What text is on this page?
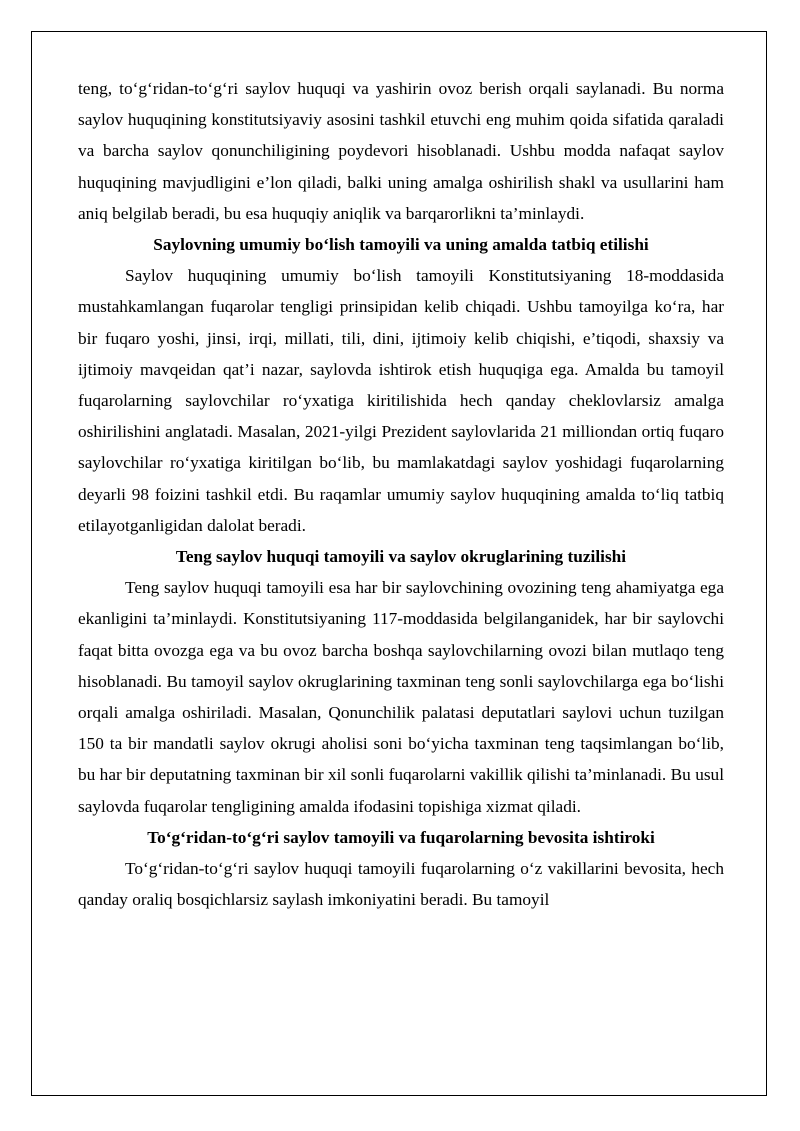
teng, to‘g‘ridan-to‘g‘ri saylov huquqi va yashirin ovoz berish orqali saylanadi. Bu norma saylov huquqining konstitutsiyaviy asosini tashkil etuvchi eng muhim qoida sifatida qaraladi va barcha saylov qonunchiligining poydevori hisoblanadi. Ushbu modda nafaqat saylov huquqining mavjudligini e’lon qiladi, balki uning amalga oshirilish shakl va usullarini ham aniq belgilab beradi, bu esa huquqiy aniqlik va barqarorlikni ta’minlaydi.

Saylovning umumiy bo‘lish tamoyili va uning amalda tatbiq etilishi

Saylov huquqining umumiy bo‘lish tamoyili Konstitutsiyaning 18-moddasida mustahkamlangan fuqarolar tengligi prinsipidan kelib chiqadi. Ushbu tamoyilga ko‘ra, har bir fuqaro yoshi, jinsi, irqi, millati, tili, dini, ijtimoiy kelib chiqishi, e’tiqodi, shaxsiy va ijtimoiy mavqeidan qat’i nazar, saylovda ishtirok etish huquqiga ega. Amalda bu tamoyil fuqarolarning saylovchilar ro‘yxatiga kiritilishida hech qanday cheklovlarsiz amalga oshirilishini anglatadi. Masalan, 2021-yilgi Prezident saylovlarida 21 milliondan ortiq fuqaro saylovchilar ro‘yxatiga kiritilgan bo‘lib, bu mamlakatdagi saylov yoshidagi fuqarolarning deyarli 98 foizini tashkil etdi. Bu raqamlar umumiy saylov huquqining amalda to‘liq tatbiq etilayotganligidan dalolat beradi.

Teng saylov huquqi tamoyili va saylov okruglarining tuzilishi

Teng saylov huquqi tamoyili esa har bir saylovchining ovozining teng ahamiyatga ega ekanligini ta’minlaydi. Konstitutsiyaning 117-moddasida belgilanganidek, har bir saylovchi faqat bitta ovozga ega va bu ovoz barcha boshqa saylovchilarning ovozi bilan mutlaqo teng hisoblanadi. Bu tamoyil saylov okruglarining taxminan teng sonli saylovchilarga ega bo‘lishi orqali amalga oshiriladi. Masalan, Qonunchilik palatasi deputatlari saylovi uchun tuzilgan 150 ta bir mandatli saylov okrugi aholisi soni bo‘yicha taxminan teng taqsimlangan bo‘lib, bu har bir deputatning taxminan bir xil sonli fuqarolarni vakillik qilishi ta’minlanadi. Bu usul saylovda fuqarolar tengligining amalda ifodasini topishiga xizmat qiladi.

To‘g‘ridan-to‘g‘ri saylov tamoyili va fuqarolarning bevosita ishtiroki

To‘g‘ridan-to‘g‘ri saylov huquqi tamoyili fuqarolarning o‘z vakillarini bevosita, hech qanday oraliq bosqichlarsiz saylash imkoniyatini beradi. Bu tamoyil
